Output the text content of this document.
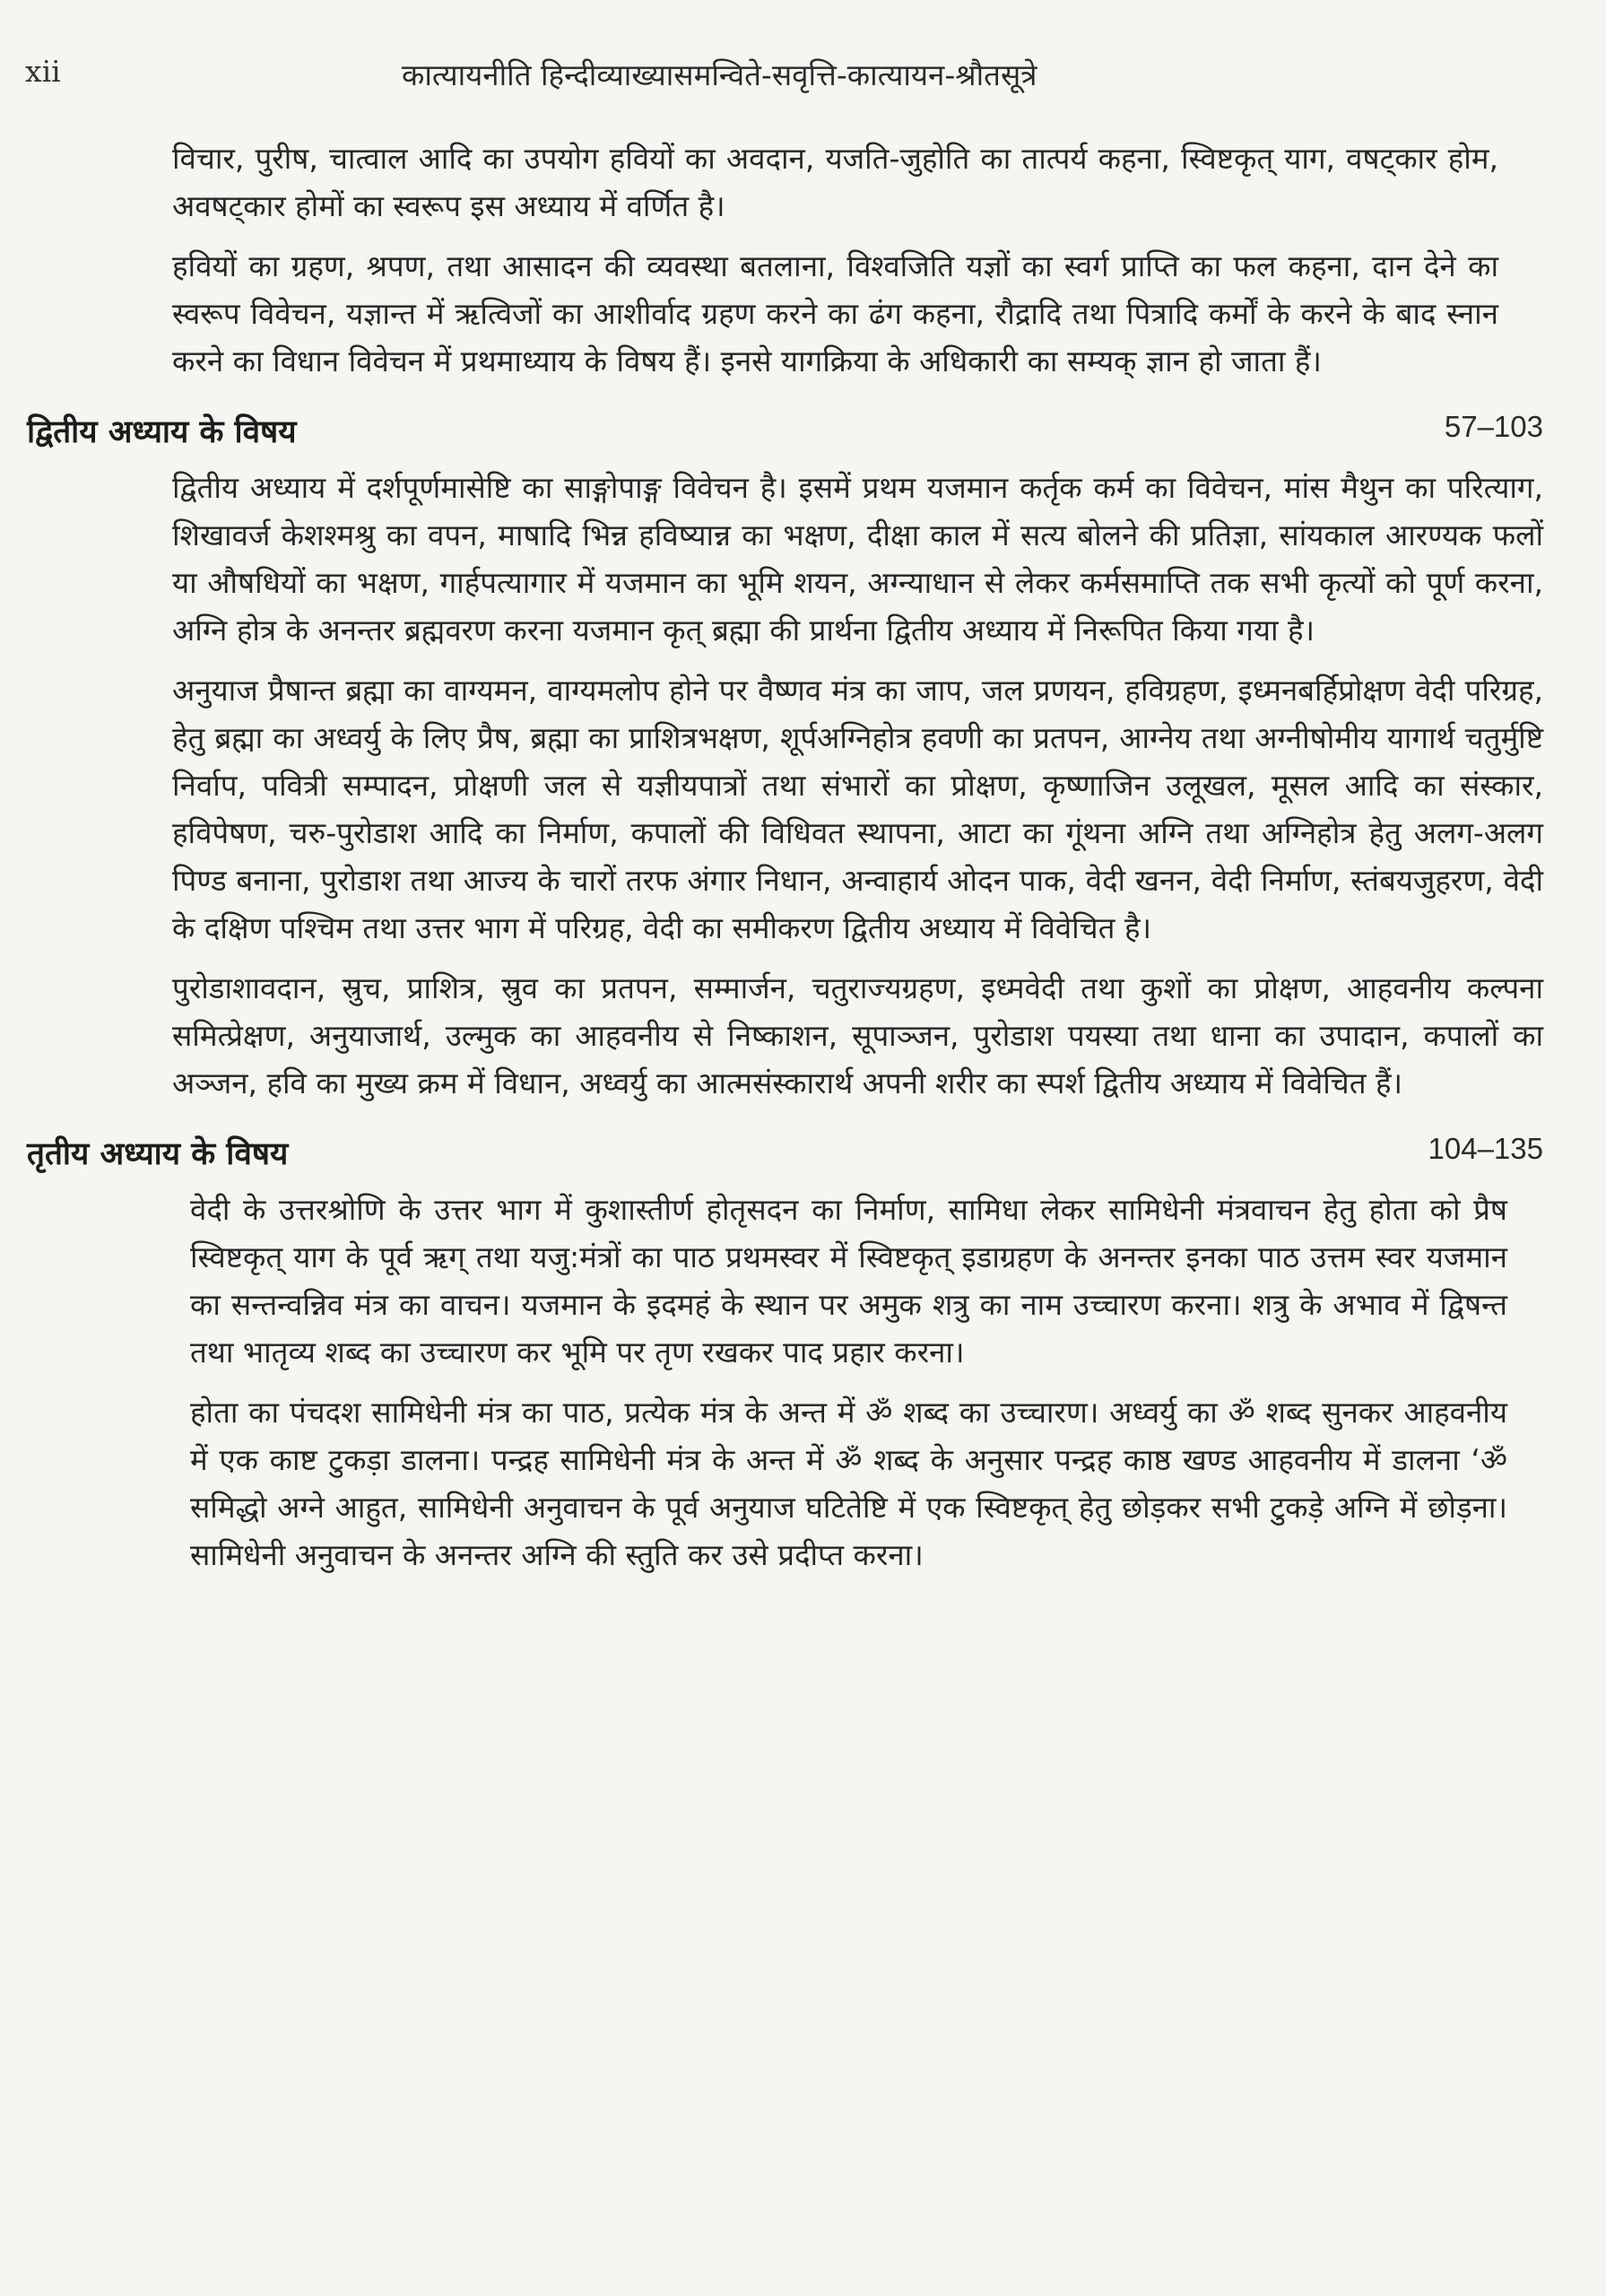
xii	कात्यायनीति हिन्दीव्याख्यासमन्विते-सवृत्ति-कात्यायन-श्रौतसूत्रे

विचार, पुरीष, चात्वाल आदि का उपयोग हवियों का अवदान, यजति-जुहोति का तात्पर्य कहना, स्विष्टकृत् याग, वषट्कार होम, अवषट्कार होमों का स्वरूप इस अध्याय में वर्णित है।

हवियों का ग्रहण, श्रपण, तथा आसादन की व्यवस्था बतलाना, विश्वजिति यज्ञों का स्वर्ग प्राप्ति का फल कहना, दान देने का स्वरूप विवेचन, यज्ञान्त में ऋत्विजों का आशीर्वाद ग्रहण करने का ढंग कहना, रौद्रादि तथा पित्रादि कर्मों के करने के बाद स्नान करने का विधान विवेचन में प्रथमाध्याय के विषय हैं। इनसे यागक्रिया के अधिकारी का सम्यक् ज्ञान हो जाता हैं।

द्वितीय अध्याय के विषय	57–103

द्वितीय अध्याय में दर्शपूर्णमासेष्टि का साङ्गोपाङ्ग विवेचन है। इसमें प्रथम यजमान कर्तृक कर्म का विवेचन, मांस मैथुन का परित्याग, शिखावर्ज केशश्मश्रु का वपन, माषादि भिन्न हविष्यान्न का भक्षण, दीक्षा काल में सत्य बोलने की प्रतिज्ञा, सांयकाल आरण्यक फलों या औषधियों का भक्षण, गार्हपत्यागार में यजमान का भूमि शयन, अग्न्याधान से लेकर कर्मसमाप्ति तक सभी कृत्यों को पूर्ण करना, अग्नि होत्र के अनन्तर ब्रह्मवरण करना यजमान कृत् ब्रह्मा की प्रार्थना द्वितीय अध्याय में निरूपित किया गया है।

अनुयाज प्रैषान्त ब्रह्मा का वाग्यमन, वाग्यमलोप होने पर वैष्णव मंत्र का जाप, जल प्रणयन, हविग्रहण, इध्मनबर्हिप्रोक्षण वेदी परिग्रह, हेतु ब्रह्मा का अध्वर्यु के लिए प्रैष, ब्रह्मा का प्राशित्रभक्षण, शूर्पअग्निहोत्र हवणी का प्रतपन, आग्नेय तथा अग्नीषोमीय यागार्थ चतुर्मुष्टि निर्वाप, पवित्री सम्पादन, प्रोक्षणी जल से यज्ञीयपात्रों तथा संभारों का प्रोक्षण, कृष्णाजिन उलूखल, मूसल आदि का संस्कार, हविपेषण, चरु-पुरोडाश आदि का निर्माण, कपालों की विधिवत स्थापना, आटा का गूंथना अग्नि तथा अग्निहोत्र हेतु अलग-अलग पिण्ड बनाना, पुरोडाश तथा आज्य के चारों तरफ अंगार निधान, अन्वाहार्य ओदन पाक, वेदी खनन, वेदी निर्माण, स्तंबयजुहरण, वेदी के दक्षिण पश्चिम तथा उत्तर भाग में परिग्रह, वेदी का समीकरण द्वितीय अध्याय में विवेचित है।

पुरोडाशावदान, स्रुच, प्राशित्र, स्रुव का प्रतपन, सम्मार्जन, चतुराज्यग्रहण, इध्मवेदी तथा कुशों का प्रोक्षण, आहवनीय कल्पना समित्प्रेक्षण, अनुयाजार्थ, उल्मुक का आहवनीय से निष्काशन, सूपाञ्जन, पुरोडाश पयस्या तथा धाना का उपादान, कपालों का अञ्जन, हवि का मुख्य क्रम में विधान, अध्वर्यु का आत्मसंस्कारार्थ अपनी शरीर का स्पर्श द्वितीय अध्याय में विवेचित हैं।

तृतीय अध्याय के विषय	104–135

वेदी के उत्तरश्रोणि के उत्तर भाग में कुशास्तीर्ण होतृसदन का निर्माण, सामिधा लेकर सामिधेनी मंत्रवाचन हेतु होता को प्रैष स्विष्टकृत् याग के पूर्व ऋग् तथा यजु:मंत्रों का पाठ प्रथमस्वर में स्विष्टकृत् इडाग्रहण के अनन्तर इनका पाठ उत्तम स्वर यजमान का सन्तन्वन्निव मंत्र का वाचन। यजमान के इदमहं के स्थान पर अमुक शत्रु का नाम उच्चारण करना। शत्रु के अभाव में द्विषन्त तथा भातृव्य शब्द का उच्चारण कर भूमि पर तृण रखकर पाद प्रहार करना।

होता का पंचदश सामिधेनी मंत्र का पाठ, प्रत्येक मंत्र के अन्त में ॐ शब्द का उच्चारण। अध्वर्यु का ॐ शब्द सुनकर आहवनीय में एक काष्ट टुकड़ा डालना। पन्द्रह सामिधेनी मंत्र के अन्त में ॐ शब्द के अनुसार पन्द्रह काष्ठ खण्ड आहवनीय में डालना ‘ॐ समिद्धो अग्ने आहुत, सामिधेनी अनुवाचन के पूर्व अनुयाज घटितेष्टि में एक स्विष्टकृत् हेतु छोड़कर सभी टुकड़े अग्नि में छोड़ना। सामिधेनी अनुवाचन के अनन्तर अग्नि की स्तुति कर उसे प्रदीप्त करना।
